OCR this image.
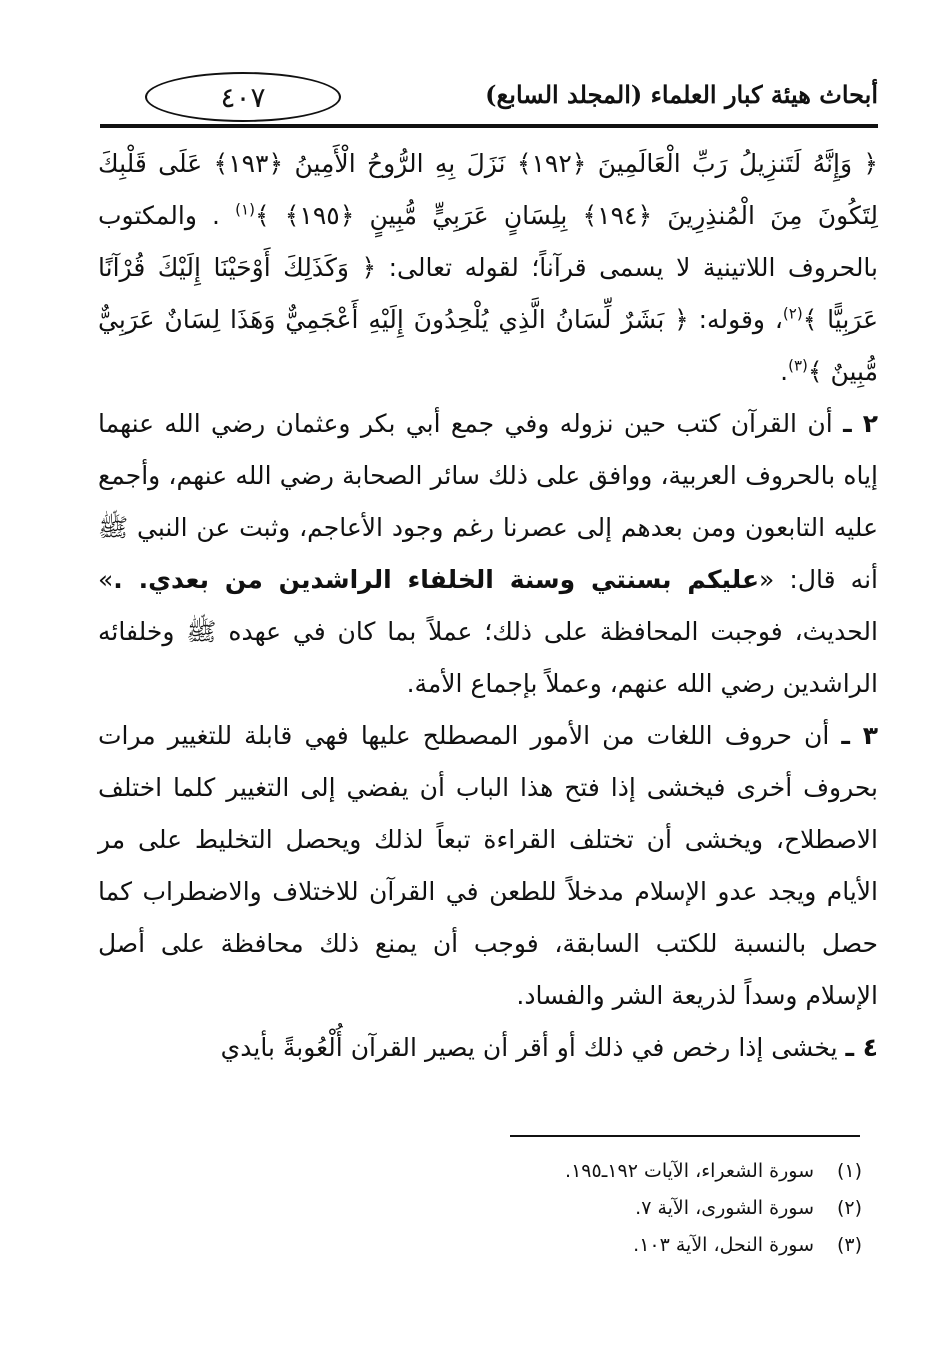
٤٠٧	أبحاث هيئة كبار العلماء (المجلد السابع)

﴿ وَإِنَّهُ لَتَنزِيلُ رَبِّ الْعَالَمِينَ ﴿١٩٢﴾ نَزَلَ بِهِ الرُّوحُ الْأَمِينُ ﴿١٩٣﴾ عَلَى قَلْبِكَ لِتَكُونَ مِنَ الْمُنذِرِينَ ﴿١٩٤﴾ بِلِسَانٍ عَرَبِيٍّ مُّبِينٍ ﴿١٩٥﴾ ﴾$^{(١)}$ . والمكتوب بالحروف اللاتينية لا يسمى قرآناً؛ لقوله تعالى: ﴿ وَكَذَلِكَ أَوْحَيْنَا إِلَيْكَ قُرْآنًا عَرَبِيًّا ﴾$^{(٢)}$، وقوله: ﴿ بَشَرٌ لِّسَانُ الَّذِي يُلْحِدُونَ إِلَيْهِ أَعْجَمِيٌّ وَهَذَا لِسَانٌ عَرَبِيٌّ مُّبِينٌ ﴾$^{(٣)}$.

٢ ـ أن القرآن كتب حين نزوله وفي جمع أبي بكر وعثمان رضي الله عنهما إياه بالحروف العربية، ووافق على ذلك سائر الصحابة رضي الله عنهم، وأجمع عليه التابعون ومن بعدهم إلى عصرنا رغم وجود الأعاجم، وثبت عن النبي ﷺ أنه قال: «عليكم بسنتي وسنة الخلفاء الراشدين من بعدي. .» الحديث، فوجبت المحافظة على ذلك؛ عملاً بما كان في عهده ﷺ وخلفائه الراشدين رضي الله عنهم، وعملاً بإجماع الأمة.

٣ ـ أن حروف اللغات من الأمور المصطلح عليها فهي قابلة للتغيير مرات بحروف أخرى فيخشى إذا فتح هذا الباب أن يفضي إلى التغيير كلما اختلف الاصطلاح، ويخشى أن تختلف القراءة تبعاً لذلك ويحصل التخليط على مر الأيام ويجد عدو الإسلام مدخلاً للطعن في القرآن للاختلاف والاضطراب كما حصل بالنسبة للكتب السابقة، فوجب أن يمنع ذلك محافظة على أصل الإسلام وسداً لذريعة الشر والفساد.

٤ ـ يخشى إذا رخص في ذلك أو أقر أن يصير القرآن أُلْعُوبةً بأيدي

(١)
سورة الشعراء، الآيات ١٩٢ـ١٩٥.
(٢)
سورة الشورى، الآية ٧.
(٣)
سورة النحل، الآية ١٠٣.
